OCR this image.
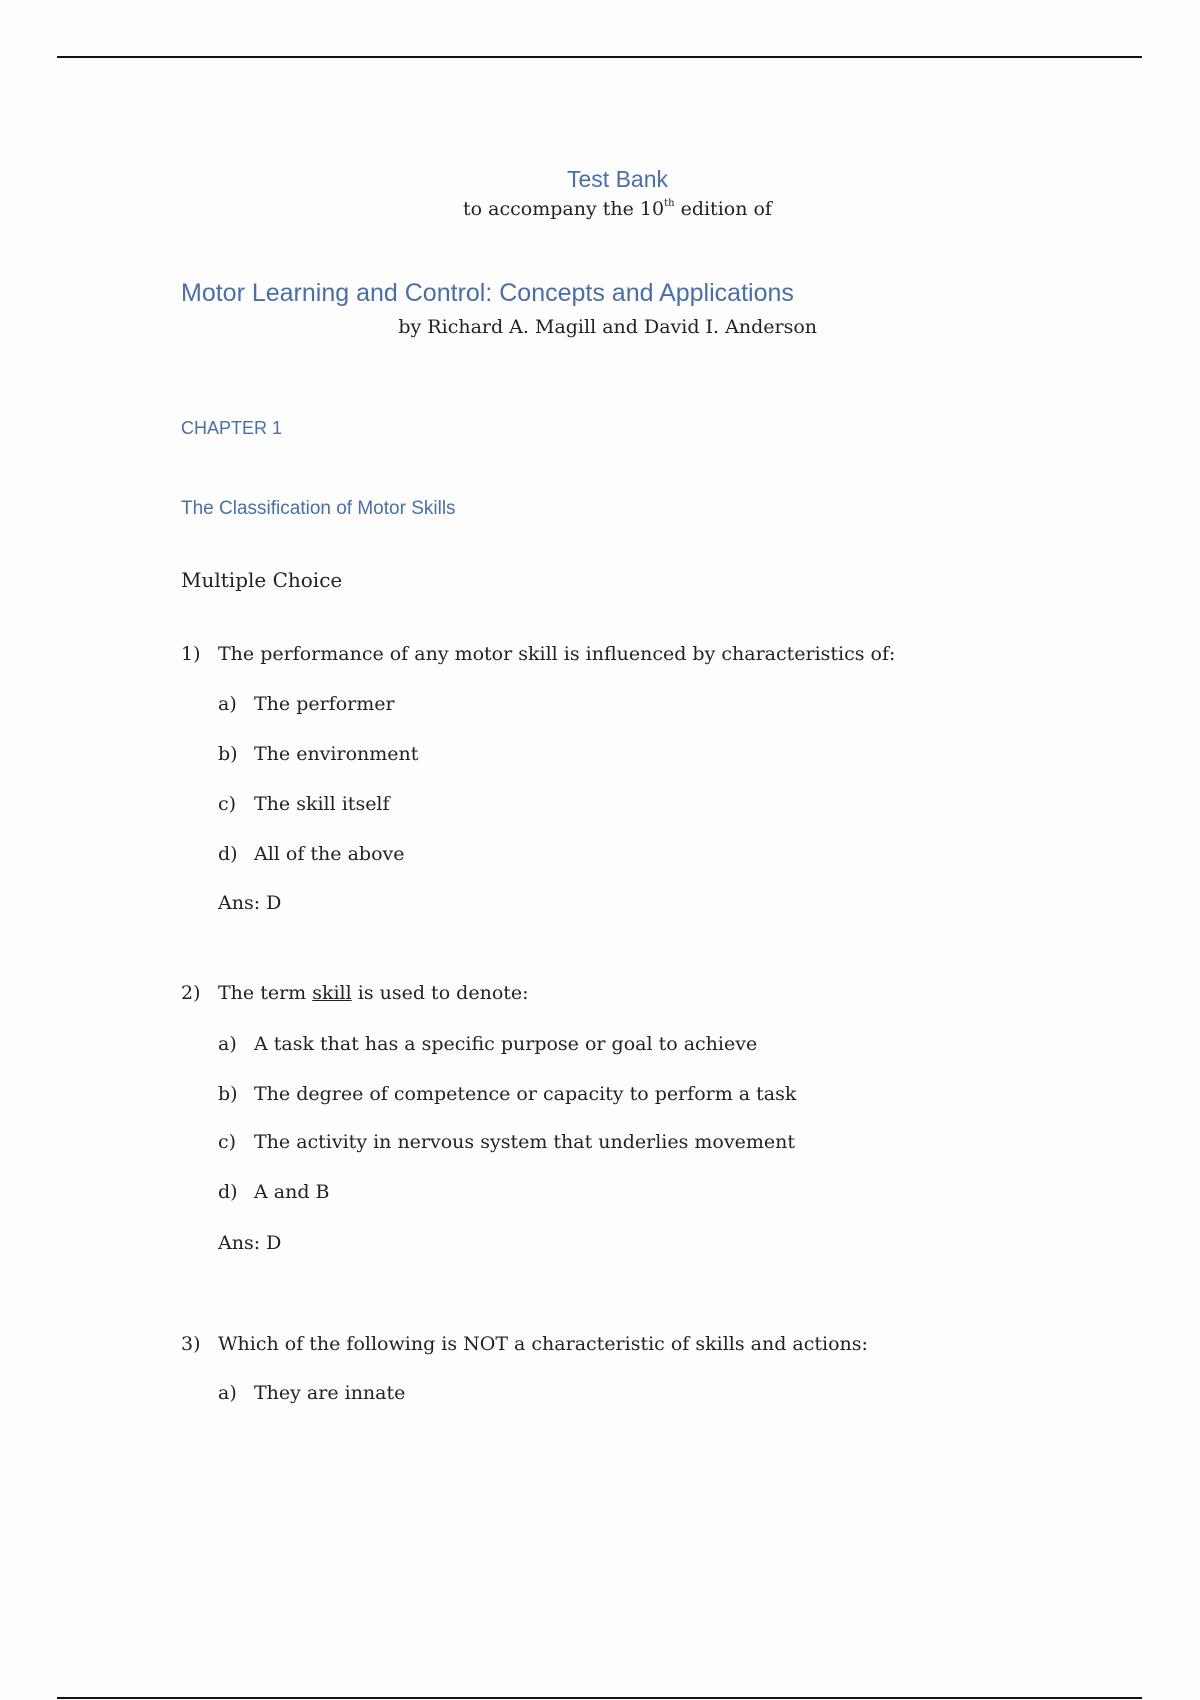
Test Bank
to accompany the 10th edition of
Motor Learning and Control: Concepts and Applications
by Richard A. Magill and David I. Anderson
CHAPTER 1
The Classification of Motor Skills
Multiple Choice
1) The performance of any motor skill is influenced by characteristics of:
a) The performer
b) The environment
c) The skill itself
d) All of the above
Ans: D
2) The term skill is used to denote:
a) A task that has a specific purpose or goal to achieve
b) The degree of competence or capacity to perform a task
c) The activity in nervous system that underlies movement
d) A and B
Ans: D
3) Which of the following is NOT a characteristic of skills and actions:
a) They are innate
